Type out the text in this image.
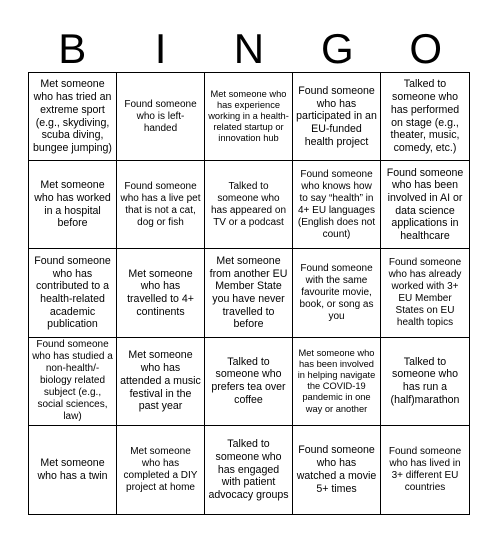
B	I	N	G	O
Met someone who has tried an extreme sport (e.g., skydiving, scuba diving, bungee jumping)
Found someone who is left-handed
Met someone who has experience working in a health-related startup or innovation hub
Found someone who has participated in an EU-funded health project
Talked to someone who has performed on stage (e.g., theater, music, comedy, etc.)
Met someone who has worked in a hospital before
Found someone who has a live pet that is not a cat, dog or fish
Talked to someone who has appeared on TV or a podcast
Found someone who knows how to say “health” in 4+ EU languages (English does not count)
Found someone who has been involved in AI or data science applications in healthcare
Found someone who has contributed to a health-related academic publication
Met someone who has travelled to 4+ continents
Met someone from another EU Member State you have never travelled to before
Found someone with the same favourite movie, book, or song as you
Found someone who has already worked with 3+ EU Member States on EU health topics
Found someone who has studied a non-health/-biology related subject (e.g., social sciences, law)
Met someone who has attended a music festival in the past year
Talked to someone who prefers tea over coffee
Met someone who has been involved in helping navigate the COVID-19 pandemic in one way or another
Talked to someone who has run a (half)marathon
Met someone who has a twin
Met someone who has completed a DIY project at home
Talked to someone who has engaged with patient advocacy groups
Found someone who has watched a movie 5+ times
Found someone who has lived in 3+ different EU countries
